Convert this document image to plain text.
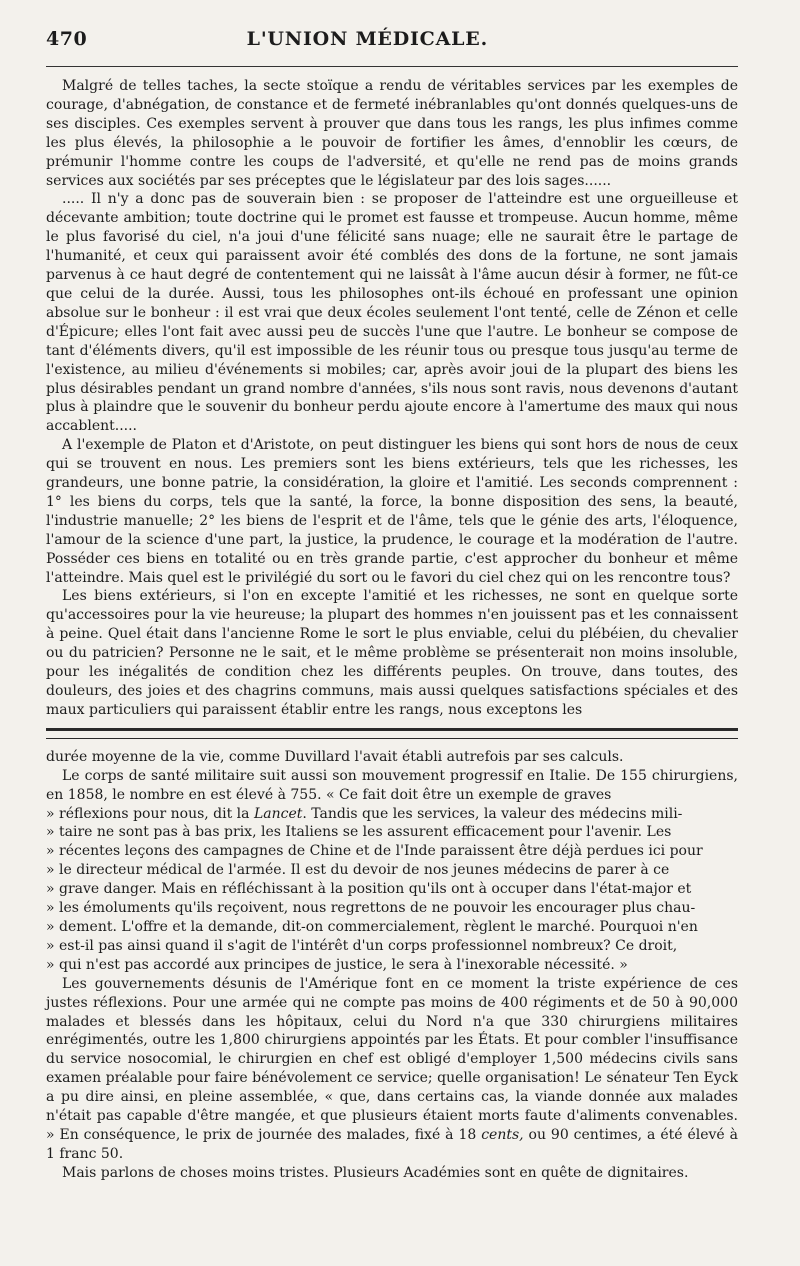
470	L'UNION MÉDICALE.

Malgré de telles taches, la secte stoïque a rendu de véritables services par les exemples de courage, d'abnégation, de constance et de fermeté inébranlables qu'ont donnés quelques-uns de ses disciples. Ces exemples servent à prouver que dans tous les rangs, les plus infimes comme les plus élevés, la philosophie a le pouvoir de fortifier les âmes, d'ennoblir les cœurs, de prémunir l'homme contre les coups de l'adversité, et qu'elle ne rend pas de moins grands services aux sociétés par ses préceptes que le législateur par des lois sages......

..... Il n'y a donc pas de souverain bien : se proposer de l'atteindre est une orgueilleuse et décevante ambition; toute doctrine qui le promet est fausse et trompeuse. Aucun homme, même le plus favorisé du ciel, n'a joui d'une félicité sans nuage; elle ne saurait être le partage de l'humanité, et ceux qui paraissent avoir été comblés des dons de la fortune, ne sont jamais parvenus à ce haut degré de contentement qui ne laissât à l'âme aucun désir à former, ne fût-ce que celui de la durée. Aussi, tous les philosophes ont-ils échoué en professant une opinion absolue sur le bonheur : il est vrai que deux écoles seulement l'ont tenté, celle de Zénon et celle d'Épicure; elles l'ont fait avec aussi peu de succès l'une que l'autre. Le bonheur se compose de tant d'éléments divers, qu'il est impossible de les réunir tous ou presque tous jusqu'au terme de l'existence, au milieu d'événements si mobiles; car, après avoir joui de la plupart des biens les plus désirables pendant un grand nombre d'années, s'ils nous sont ravis, nous devenons d'autant plus à plaindre que le souvenir du bonheur perdu ajoute encore à l'amertume des maux qui nous accablent.....

A l'exemple de Platon et d'Aristote, on peut distinguer les biens qui sont hors de nous de ceux qui se trouvent en nous. Les premiers sont les biens extérieurs, tels que les richesses, les grandeurs, une bonne patrie, la considération, la gloire et l'amitié. Les seconds comprennent : 1° les biens du corps, tels que la santé, la force, la bonne disposition des sens, la beauté, l'industrie manuelle; 2° les biens de l'esprit et de l'âme, tels que le génie des arts, l'éloquence, l'amour de la science d'une part, la justice, la prudence, le courage et la modération de l'autre. Posséder ces biens en totalité ou en très grande partie, c'est approcher du bonheur et même l'atteindre. Mais quel est le privilégié du sort ou le favori du ciel chez qui on les rencontre tous?

Les biens extérieurs, si l'on en excepte l'amitié et les richesses, ne sont en quelque sorte qu'accessoires pour la vie heureuse; la plupart des hommes n'en jouissent pas et les connaissent à peine. Quel était dans l'ancienne Rome le sort le plus enviable, celui du plébéien, du chevalier ou du patricien? Personne ne le sait, et le même problème se présenterait non moins insoluble, pour les inégalités de condition chez les différents peuples. On trouve, dans toutes, des douleurs, des joies et des chagrins communs, mais aussi quelques satisfactions spéciales et des maux particuliers qui paraissent établir entre les rangs, nous exceptons les

durée moyenne de la vie, comme Duvillard l'avait établi autrefois par ses calculs.

Le corps de santé militaire suit aussi son mouvement progressif en Italie. De 155 chirurgiens, en 1858, le nombre en est élevé à 755. « Ce fait doit être un exemple de graves

» réflexions pour nous, dit la Lancet. Tandis que les services, la valeur des médecins mili-
» taire ne sont pas à bas prix, les Italiens se les assurent efficacement pour l'avenir. Les
» récentes leçons des campagnes de Chine et de l'Inde paraissent être déjà perdues ici pour
» le directeur médical de l'armée. Il est du devoir de nos jeunes médecins de parer à ce
» grave danger. Mais en réfléchissant à la position qu'ils ont à occuper dans l'état-major et
» les émoluments qu'ils reçoivent, nous regrettons de ne pouvoir les encourager plus chau-
» dement. L'offre et la demande, dit-on commercialement, règlent le marché. Pourquoi n'en
» est-il pas ainsi quand il s'agit de l'intérêt d'un corps professionnel nombreux? Ce droit,
» qui n'est pas accordé aux principes de justice, le sera à l'inexorable nécessité. »

Les gouvernements désunis de l'Amérique font en ce moment la triste expérience de ces justes réflexions. Pour une armée qui ne compte pas moins de 400 régiments et de 50 à 90,000 malades et blessés dans les hôpitaux, celui du Nord n'a que 330 chirurgiens militaires enrégimentés, outre les 1,800 chirurgiens appointés par les États. Et pour combler l'insuffisance du service nosocomial, le chirurgien en chef est obligé d'employer 1,500 médecins civils sans examen préalable pour faire bénévolement ce service; quelle organisation! Le sénateur Ten Eyck a pu dire ainsi, en pleine assemblée, « que, dans certains cas, la viande donnée aux malades n'était pas capable d'être mangée, et que plusieurs étaient morts faute d'aliments convenables. » En conséquence, le prix de journée des malades, fixé à 18 cents, ou 90 centimes, a été élevé à 1 franc 50.

Mais parlons de choses moins tristes. Plusieurs Académies sont en quête de dignitaires.
